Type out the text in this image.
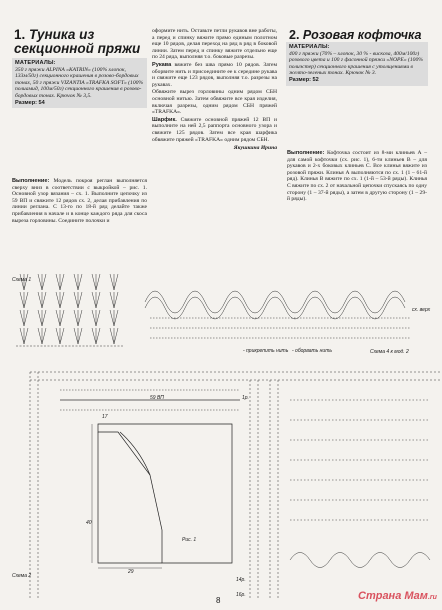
1. Туника из
секционной пряжи
МАТЕРИАЛЫ:
350 г пряжи ALPINA «KATRIN» (100% хлопок, 133м/50г) секционного крашения в розово-бордовых тонах, 50 г пряжи VIZANTIA «TRAFKA SOFT» (100% полиамид, 100м/50г) секционного крашения в розово-бордовых тонах. Крючок № 3,5.
Размер: 54
Выполнение: Модель покроя реглан выполняется сверху вниз в соответствии с выкройкой – рис. 1. Основной узор вязания – сх. 1. Выполните цепочку из 59 ВП и свяжите 12 рядов сх. 2, делая прибавления по линии реглана. С 13-го по 18-й ряд делайте также прибавления в начале и в конце каждого ряда для скоса выреза горловины. Соедините полочки и

оформите нить. Оставьте петли рукавов вне работы, а перед и спинку вяжите прямо единым полотном еще 10 рядов, делая переход на ряд в ряд в боковой линии. Затем перед и спинку вяжите отдельно еще по 24 ряда, выполняя т.о. боковые разрезы.

Рукава вяжите без шва прямо 10 рядов. Затем оборвите нить и присоедините ее к середине рукава и свяжите еще 123 рядов, выполняя т.о. разрезы на рукавах.

Обвяжите вырез горловины одним рядом СБН основной нитью. Затем обвяжите все края изделия, включая разрезы, одним рядом СБН пряжей «TRAFKA».

Шарфик. Свяжите основной пряжей 12 ВП и выполните на ней 2,5 раппорта основного узора и свяжите 125 рядов. Затем все края шарфика обвяжите пряжей «TRAFKA» одним рядом СБН.

Якушкина Ирина
2. Розовая кофточка
МАТЕРИАЛЫ:
400 г пряжи (70% – хлопок, 30 % - вискоза, 400м/100г) розового цвета и 100 г фасонной пряжи «NOPE» (100% полиэстер) секционного крашения с утолщениями в желто-зеленых тонах. Крючок № 3.
Размер: 52
Выполнение: Кофточка состоит из 8-ми клиньев А – для самой кофточки (сх. рис. 1), 6-ти клиньев В – для рукавов и 2-х боковых клиньев С. Все клинья вяжите из розовой пряжи. Клинья А выполняются по сх. 1 (1 – 61-й ряд). Клинья В вяжите по сх. 1 (1-й – 53-й ряды). Клинья С вяжите по сх. 2 от начальной цепочки спускаясь по одну сторону (1 – 37-й ряды), а затем в другую сторону (1 – 29-й ряды).
Схема 1
Схема 4 к мод. 2
- прикрепить нить - оборвать нить
сх. верх
59 ВП	1р.
14р.
16р.
Рис. 1
29
40
17
Схема 2
8	Страна Мам.ru
